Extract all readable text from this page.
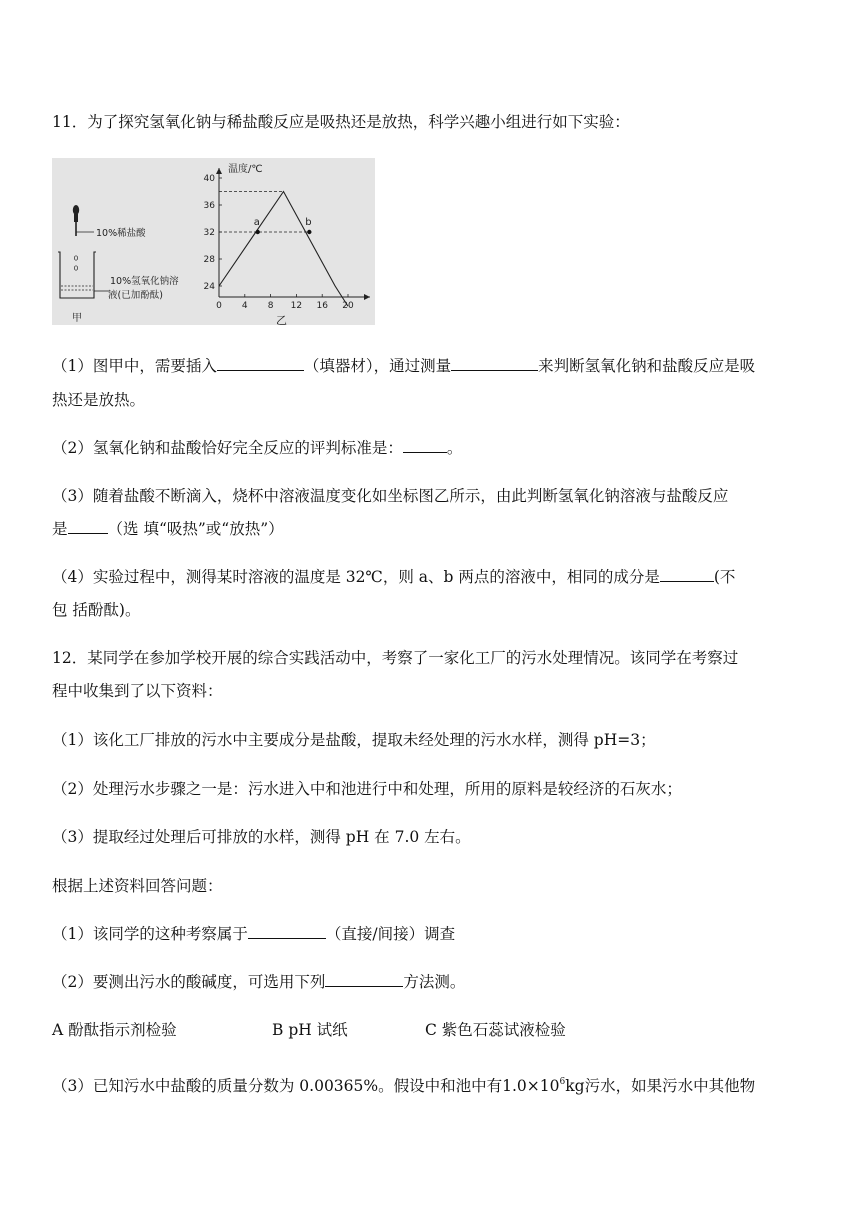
11．为了探究氢氧化钠与稀盐酸反应是吸热还是放热，科学兴趣小组进行如下实验：
10%稀盐酸
10%氢氧化钠溶
液(已加酚酞)
甲
温度/℃
0 4 8 12 16 20
24
28
32
36
40
a	b
乙
（1）图甲中，需要插入	（填器材），通过测量	来判断氢氧化钠和盐酸反应是吸
热还是放热。
（2）氢氧化钠和盐酸恰好完全反应的评判标准是：	。
（3）随着盐酸不断滴入，烧杯中溶液温度变化如坐标图乙所示，由此判断氢氧化钠溶液与盐酸反应
是	（选 填“吸热”或“放热”）
（4）实验过程中，测得某时溶液的温度是 32℃，则 a、b 两点的溶液中，相同的成分是	(不
包 括酚酞)。
12．某同学在参加学校开展的综合实践活动中，考察了一家化工厂的污水处理情况。该同学在考察过
程中收集到了以下资料：
（1）该化工厂排放的污水中主要成分是盐酸，提取未经处理的污水水样，测得 pH=3；
（2）处理污水步骤之一是：污水进入中和池进行中和处理，所用的原料是较经济的石灰水；
（3）提取经过处理后可排放的水样，测得 pH 在 7.0 左右。
根据上述资料回答问题：
（1）该同学的这种考察属于	（直接/间接）调查
（2）要测出污水的酸碱度，可选用下列	方法测。
A 酚酞指示剂检验	B pH 试纸	C 紫色石蕊试液检验
（3）已知污水中盐酸的质量分数为 0.00365%。假设中和池中有$1.0\times 10^6kg$污水，如果污水中其他物
